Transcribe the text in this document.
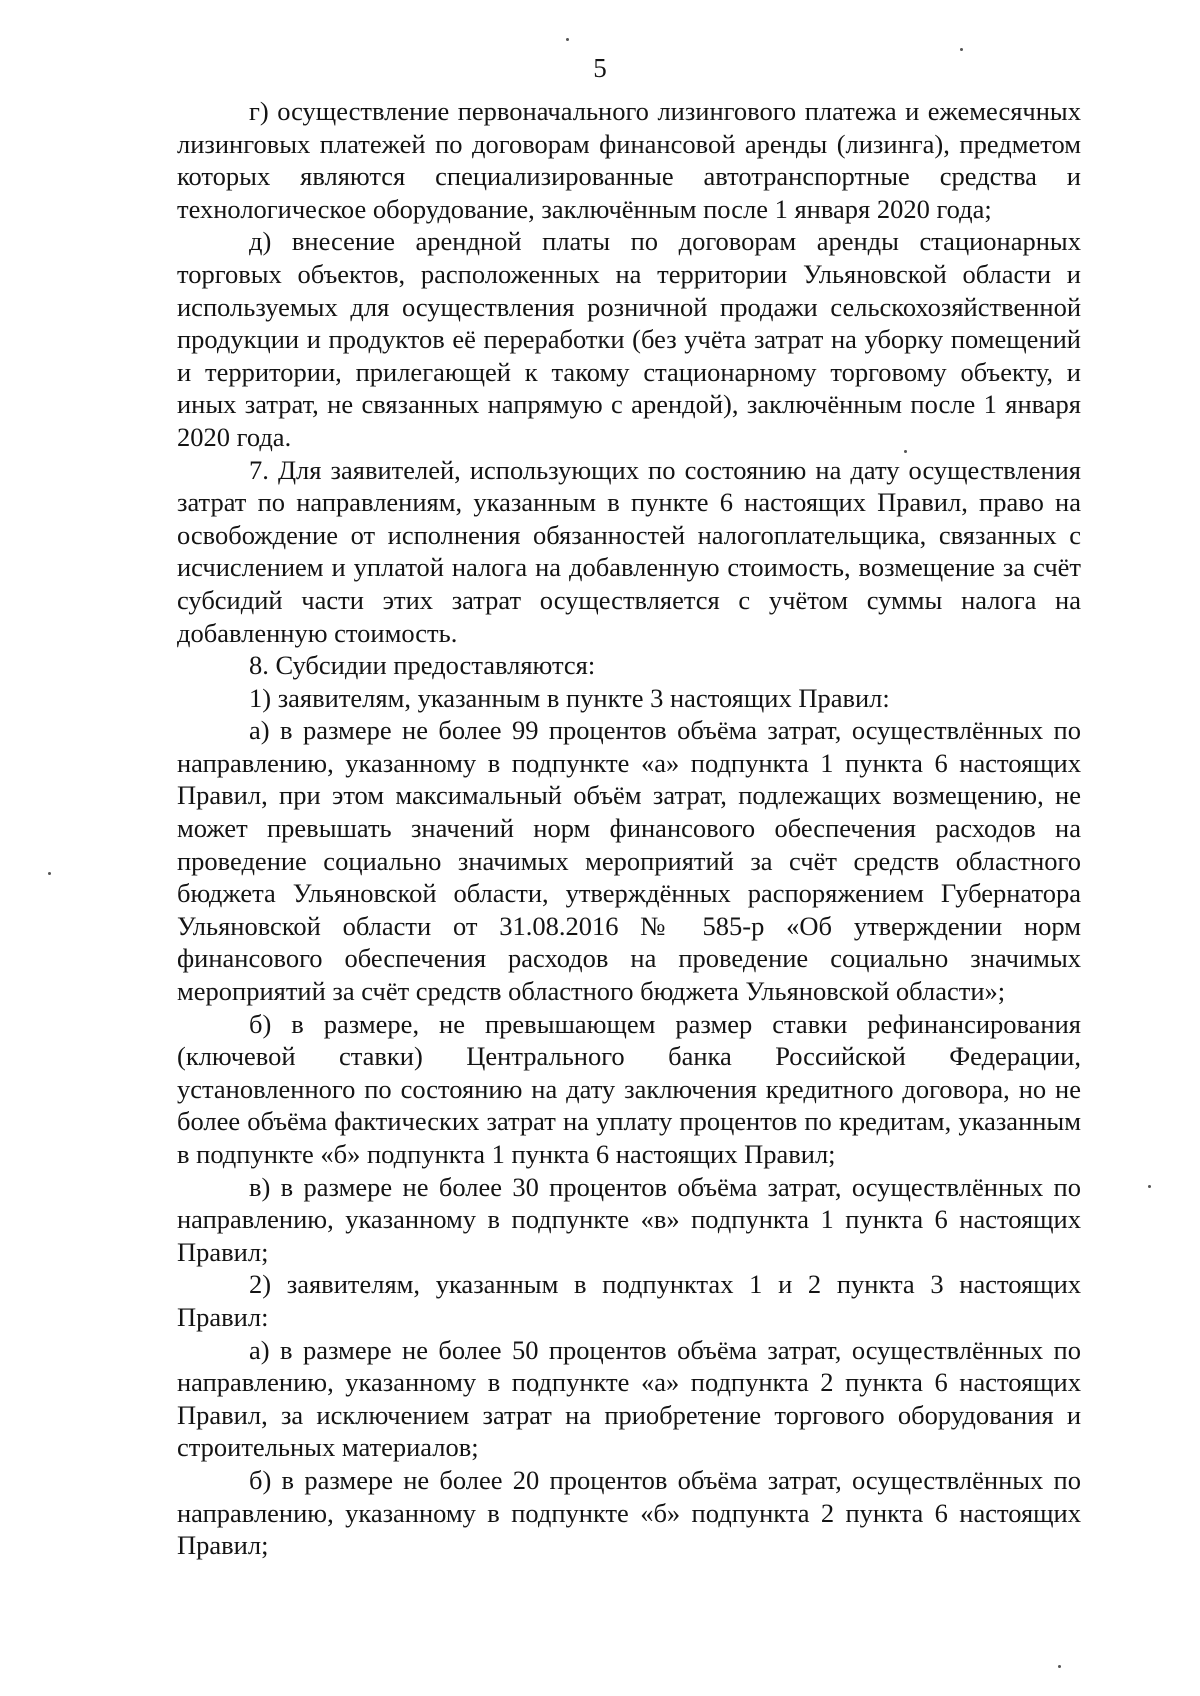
5

г) осуществление первоначального лизингового платежа и ежемесячных лизинговых платежей по договорам финансовой аренды (лизинга), предметом которых являются специализированные автотранспортные средства и технологическое оборудование, заключённым после 1 января 2020 года;

д) внесение арендной платы по договорам аренды стационарных торговых объектов, расположенных на территории Ульяновской области и используемых для осуществления розничной продажи сельскохозяйственной продукции и продуктов её переработки (без учёта затрат на уборку помещений и территории, прилегающей к такому стационарному торговому объекту, и иных затрат, не связанных напрямую с арендой), заключённым после 1 января 2020 года.

7. Для заявителей, использующих по состоянию на дату осуществления затрат по направлениям, указанным в пункте 6 настоящих Правил, право на освобождение от исполнения обязанностей налогоплательщика, связанных с исчислением и уплатой налога на добавленную стоимость, возмещение за счёт субсидий части этих затрат осуществляется с учётом суммы налога на добавленную стоимость.

8. Субсидии предоставляются:

1) заявителям, указанным в пункте 3 настоящих Правил:

а) в размере не более 99 процентов объёма затрат, осуществлённых по направлению, указанному в подпункте «а» подпункта 1 пункта 6 настоящих Правил, при этом максимальный объём затрат, подлежащих возмещению, не может превышать значений норм финансового обеспечения расходов на проведение социально значимых мероприятий за счёт средств областного бюджета Ульяновской области, утверждённых распоряжением Губернатора Ульяновской области от 31.08.2016 № 585-р «Об утверждении норм финансового обеспечения расходов на проведение социально значимых мероприятий за счёт средств областного бюджета Ульяновской области»;

б) в размере, не превышающем размер ставки рефинансирования (ключевой ставки) Центрального банка Российской Федерации, установленного по состоянию на дату заключения кредитного договора, но не более объёма фактических затрат на уплату процентов по кредитам, указанным в подпункте «б» подпункта 1 пункта 6 настоящих Правил;

в) в размере не более 30 процентов объёма затрат, осуществлённых по направлению, указанному в подпункте «в» подпункта 1 пункта 6 настоящих Правил;

2) заявителям, указанным в подпунктах 1 и 2 пункта 3 настоящих Правил:

а) в размере не более 50 процентов объёма затрат, осуществлённых по направлению, указанному в подпункте «а» подпункта 2 пункта 6 настоящих Правил, за исключением затрат на приобретение торгового оборудования и строительных материалов;

б) в размере не более 20 процентов объёма затрат, осуществлённых по направлению, указанному в подпункте «б» подпункта 2 пункта 6 настоящих Правил;
